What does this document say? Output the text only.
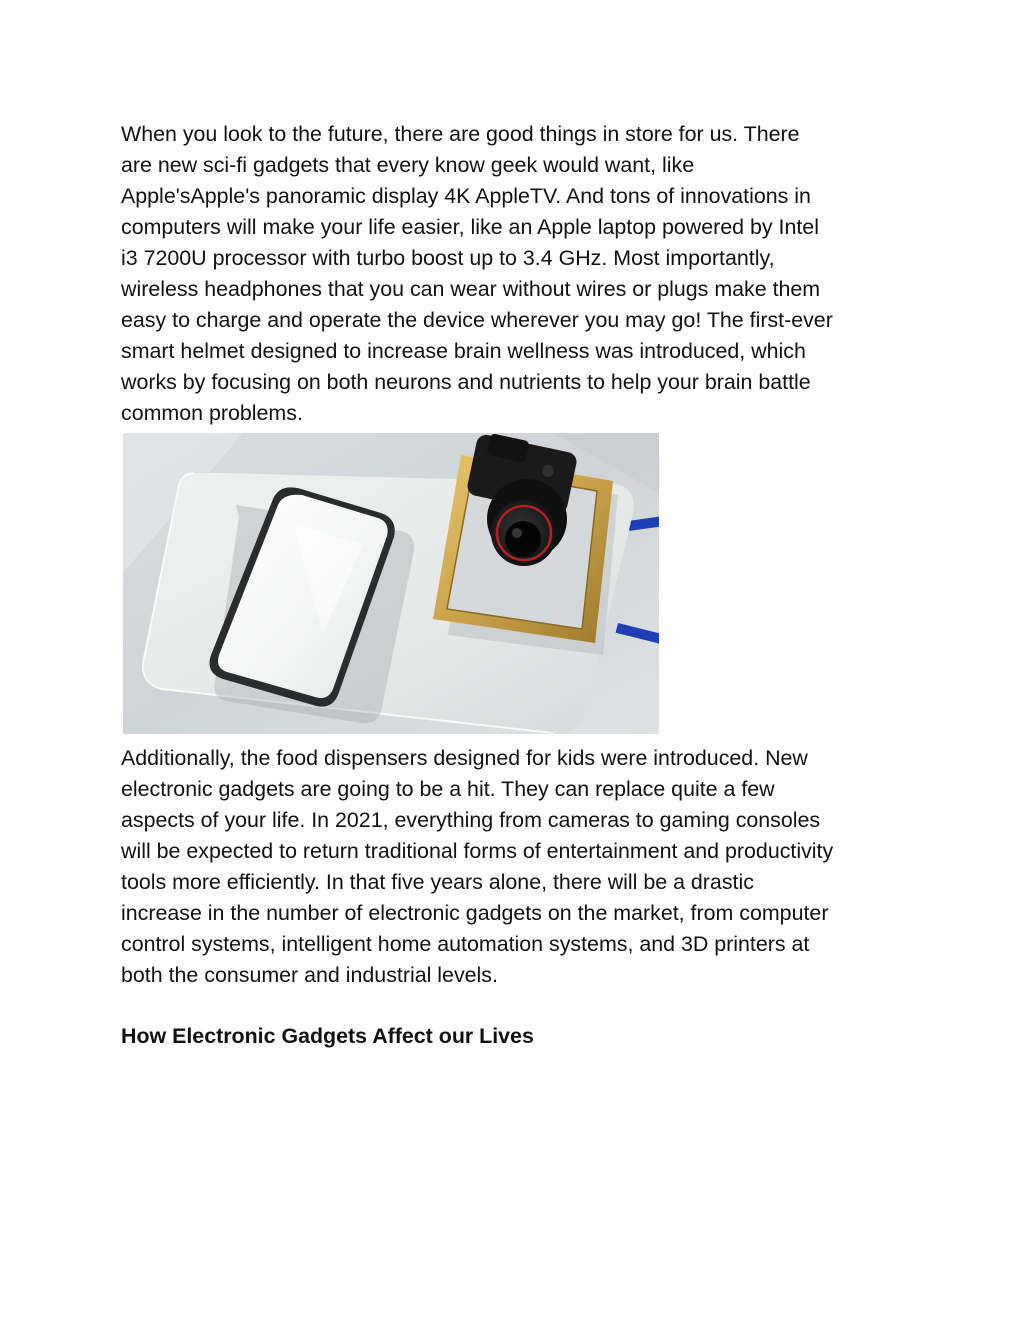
When you look to the future, there are good things in store for us. There
are new sci-fi gadgets that every know geek would want, like
Apple'sApple's panoramic display 4K AppleTV. And tons of innovations in
computers will make your life easier, like an Apple laptop powered by Intel
i3 7200U processor with turbo boost up to 3.4 GHz. Most importantly,
wireless headphones that you can wear without wires or plugs make them
easy to charge and operate the device wherever you may go! The first-ever
smart helmet designed to increase brain wellness was introduced, which
works by focusing on both neurons and nutrients to help your brain battle
common problems.

Additionally, the food dispensers designed for kids were introduced. New
electronic gadgets are going to be a hit. They can replace quite a few
aspects of your life. In 2021, everything from cameras to gaming consoles
will be expected to return traditional forms of entertainment and productivity
tools more efficiently. In that five years alone, there will be a drastic
increase in the number of electronic gadgets on the market, from computer
control systems, intelligent home automation systems, and 3D printers at
both the consumer and industrial levels.

How Electronic Gadgets Affect our Lives
